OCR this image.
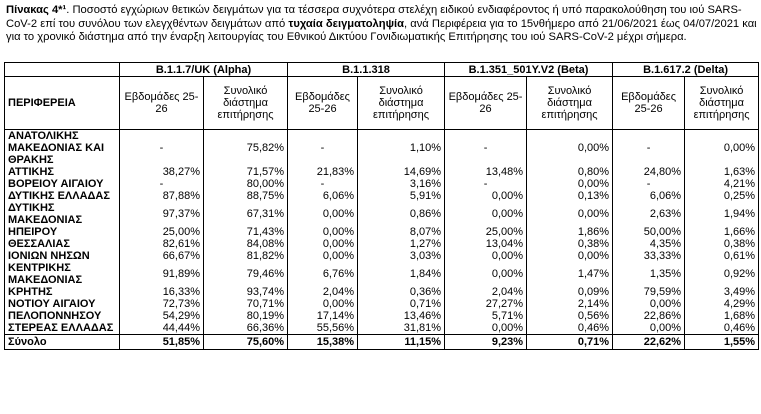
Πίνακας 4*¹. Ποσοστό εγχώριων θετικών δειγμάτων για τα τέσσερα συχνότερα στελέχη ειδικού ενδιαφέροντος ή υπό παρακολούθηση του ιού SARS-CoV-2 επί του συνόλου των ελεγχθέντων δειγμάτων από τυχαία δειγματοληψία, ανά Περιφέρεια για το 15νθήμερο από 21/06/2021 έως 04/07/2021 και για το χρονικό διάστημα από την έναρξη λειτουργίας του Εθνικού Δικτύου Γονιδιωματικής Επιτήρησης του ιού SARS-CoV-2 μέχρι σήμερα.
	B.1.1.7/UK (Alpha)		B.1.1.318		B.1.351_501Y.V2 (Beta)		B.1.617.2 (Delta)	
ΠΕΡΙΦΕΡΕΙΑ	Εβδομάδες 25-26	Συνολικό διάστημα επιτήρησης	Εβδομάδες 25-26	Συνολικό διάστημα επιτήρησης	Εβδομάδες 25-26	Συνολικό διάστημα επιτήρησης	Εβδομάδες 25-26	Συνολικό διάστημα επιτήρησης
ΑΝΑΤΟΛΙΚΗΣ ΜΑΚΕΔΟΝΙΑΣ ΚΑΙ ΘΡΑΚΗΣ	-	75,82%	-	1,10%	-	0,00%	-	0,00%
ΑΤΤΙΚΗΣ	38,27%	71,57%	21,83%	14,69%	13,48%	0,80%	24,80%	1,63%
ΒΟΡΕΙΟΥ ΑΙΓΑΙΟΥ	-	80,00%	-	3,16%	-	0,00%	-	4,21%
ΔΥΤΙΚΗΣ ΕΛΛΑΔΑΣ	87,88%	88,75%	6,06%	5,91%	0,00%	0,13%	6,06%	0,25%
ΔΥΤΙΚΗΣ ΜΑΚΕΔΟΝΙΑΣ	97,37%	67,31%	0,00%	0,86%	0,00%	0,00%	2,63%	1,94%
ΗΠΕΙΡΟΥ	25,00%	71,43%	0,00%	8,07%	25,00%	1,86%	50,00%	1,66%
ΘΕΣΣΑΛΙΑΣ	82,61%	84,08%	0,00%	1,27%	13,04%	0,38%	4,35%	0,38%
ΙΟΝΙΩΝ ΝΗΣΩΝ	66,67%	81,82%	0,00%	3,03%	0,00%	0,00%	33,33%	0,61%
ΚΕΝΤΡΙΚΗΣ ΜΑΚΕΔΟΝΙΑΣ	91,89%	79,46%	6,76%	1,84%	0,00%	1,47%	1,35%	0,92%
ΚΡΗΤΗΣ	16,33%	93,74%	2,04%	0,36%	2,04%	0,09%	79,59%	3,49%
ΝΟΤΙΟΥ ΑΙΓΑΙΟΥ	72,73%	70,71%	0,00%	0,71%	27,27%	2,14%	0,00%	4,29%
ΠΕΛΟΠΟΝΝΗΣΟΥ	54,29%	80,19%	17,14%	13,46%	5,71%	0,56%	22,86%	1,68%
ΣΤΕΡΕΑΣ ΕΛΛΑΔΑΣ	44,44%	66,36%	55,56%	31,81%	0,00%	0,46%	0,00%	0,46%
Σύνολο	51,85%	75,60%	15,38%	11,15%	9,23%	0,71%	22,62%	1,55%
